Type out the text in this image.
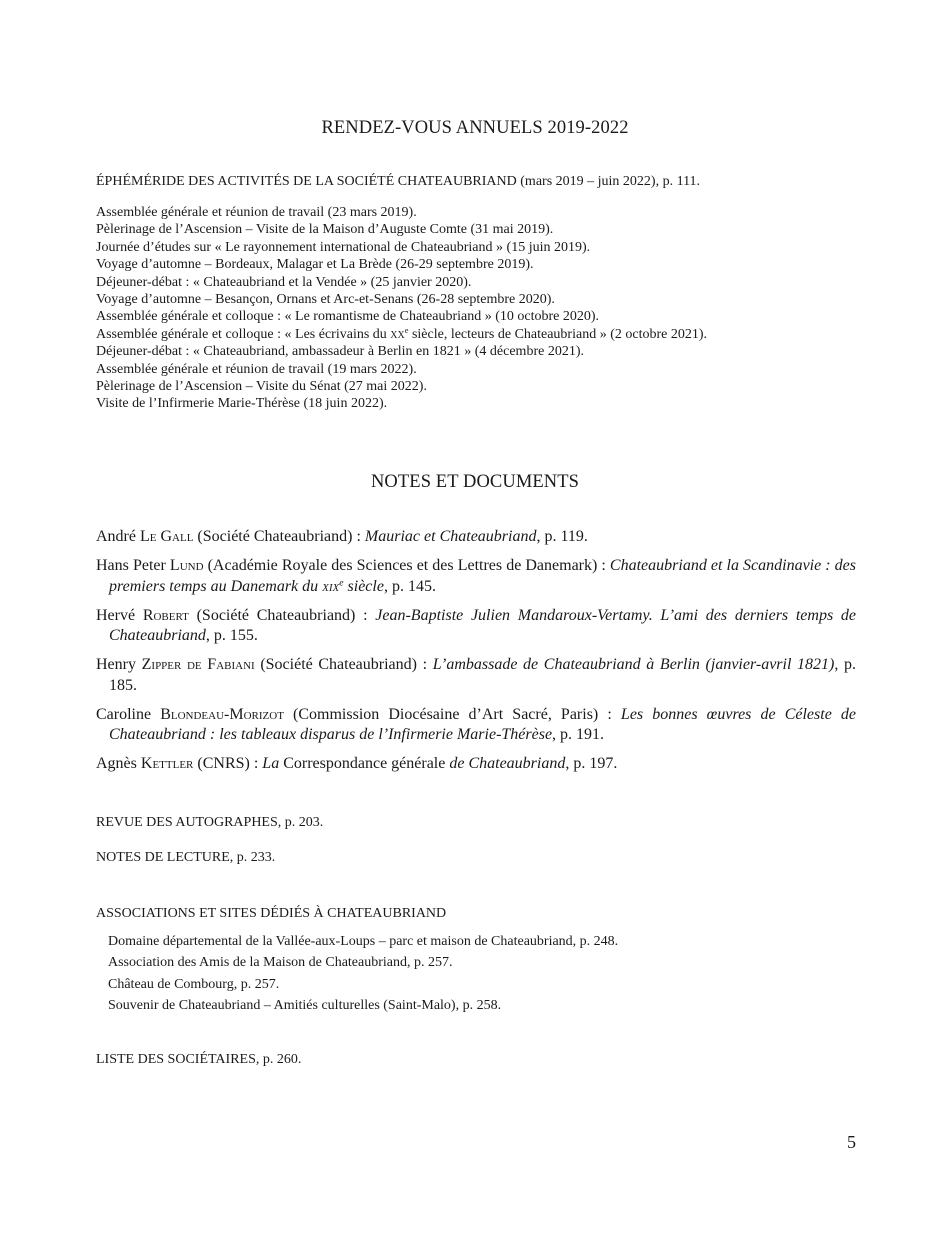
RENDEZ-VOUS ANNUELS 2019-2022
ÉPHÉMÉRIDE DES ACTIVITÉS DE LA SOCIÉTÉ CHATEAUBRIAND (mars 2019 – juin 2022), p. 111.
Assemblée générale et réunion de travail (23 mars 2019).
Pèlerinage de l’Ascension – Visite de la Maison d’Auguste Comte (31 mai 2019).
Journée d’études sur « Le rayonnement international de Chateaubriand » (15 juin 2019).
Voyage d’automne – Bordeaux, Malagar et La Brède (26-29 septembre 2019).
Déjeuner-débat : « Chateaubriand et la Vendée » (25 janvier 2020).
Voyage d’automne – Besançon, Ornans et Arc-et-Senans (26-28 septembre 2020).
Assemblée générale et colloque : « Le romantisme de Chateaubriand » (10 octobre 2020).
Assemblée générale et colloque : « Les écrivains du $xx^e$ siècle, lecteurs de Chateaubriand » (2 octobre 2021).
Déjeuner-débat : « Chateaubriand, ambassadeur à Berlin en 1821 » (4 décembre 2021).
Assemblée générale et réunion de travail (19 mars 2022).
Pèlerinage de l’Ascension – Visite du Sénat (27 mai 2022).
Visite de l’Infirmerie Marie-Thérèse (18 juin 2022).
NOTES ET DOCUMENTS
André Le Gall (Société Chateaubriand) : Mauriac et Chateaubriand, p. 119.
Hans Peter Lund (Académie Royale des Sciences et des Lettres de Danemark) : Chateaubriand et la Scandinavie : des premiers temps au Danemark du xix$^e$ siècle, p. 145.
Hervé Robert (Société Chateaubriand) : Jean-Baptiste Julien Mandaroux-Vertamy. L’ami des derniers temps de Chateaubriand, p. 155.
Henry Zipper de Fabiani (Société Chateaubriand) : L’ambassade de Chateaubriand à Berlin (janvier-avril 1821), p. 185.
Caroline Blondeau-Morizot (Commission Diocésaine d’Art Sacré, Paris) : Les bonnes œuvres de Céleste de Chateaubriand : les tableaux disparus de l’Infirmerie Marie-Thérèse, p. 191.
Agnès Kettler (CNRS) : La Correspondance générale de Chateaubriand, p. 197.
REVUE DES AUTOGRAPHES, p. 203.
NOTES DE LECTURE, p. 233.
ASSOCIATIONS ET SITES DÉDIÉS À CHATEAUBRIAND
Domaine départemental de la Vallée-aux-Loups – parc et maison de Chateaubriand, p. 248.
Association des Amis de la Maison de Chateaubriand, p. 257.
Château de Combourg, p. 257.
Souvenir de Chateaubriand – Amitiés culturelles (Saint-Malo), p. 258.
LISTE DES SOCIÉTAIRES, p. 260.
5
